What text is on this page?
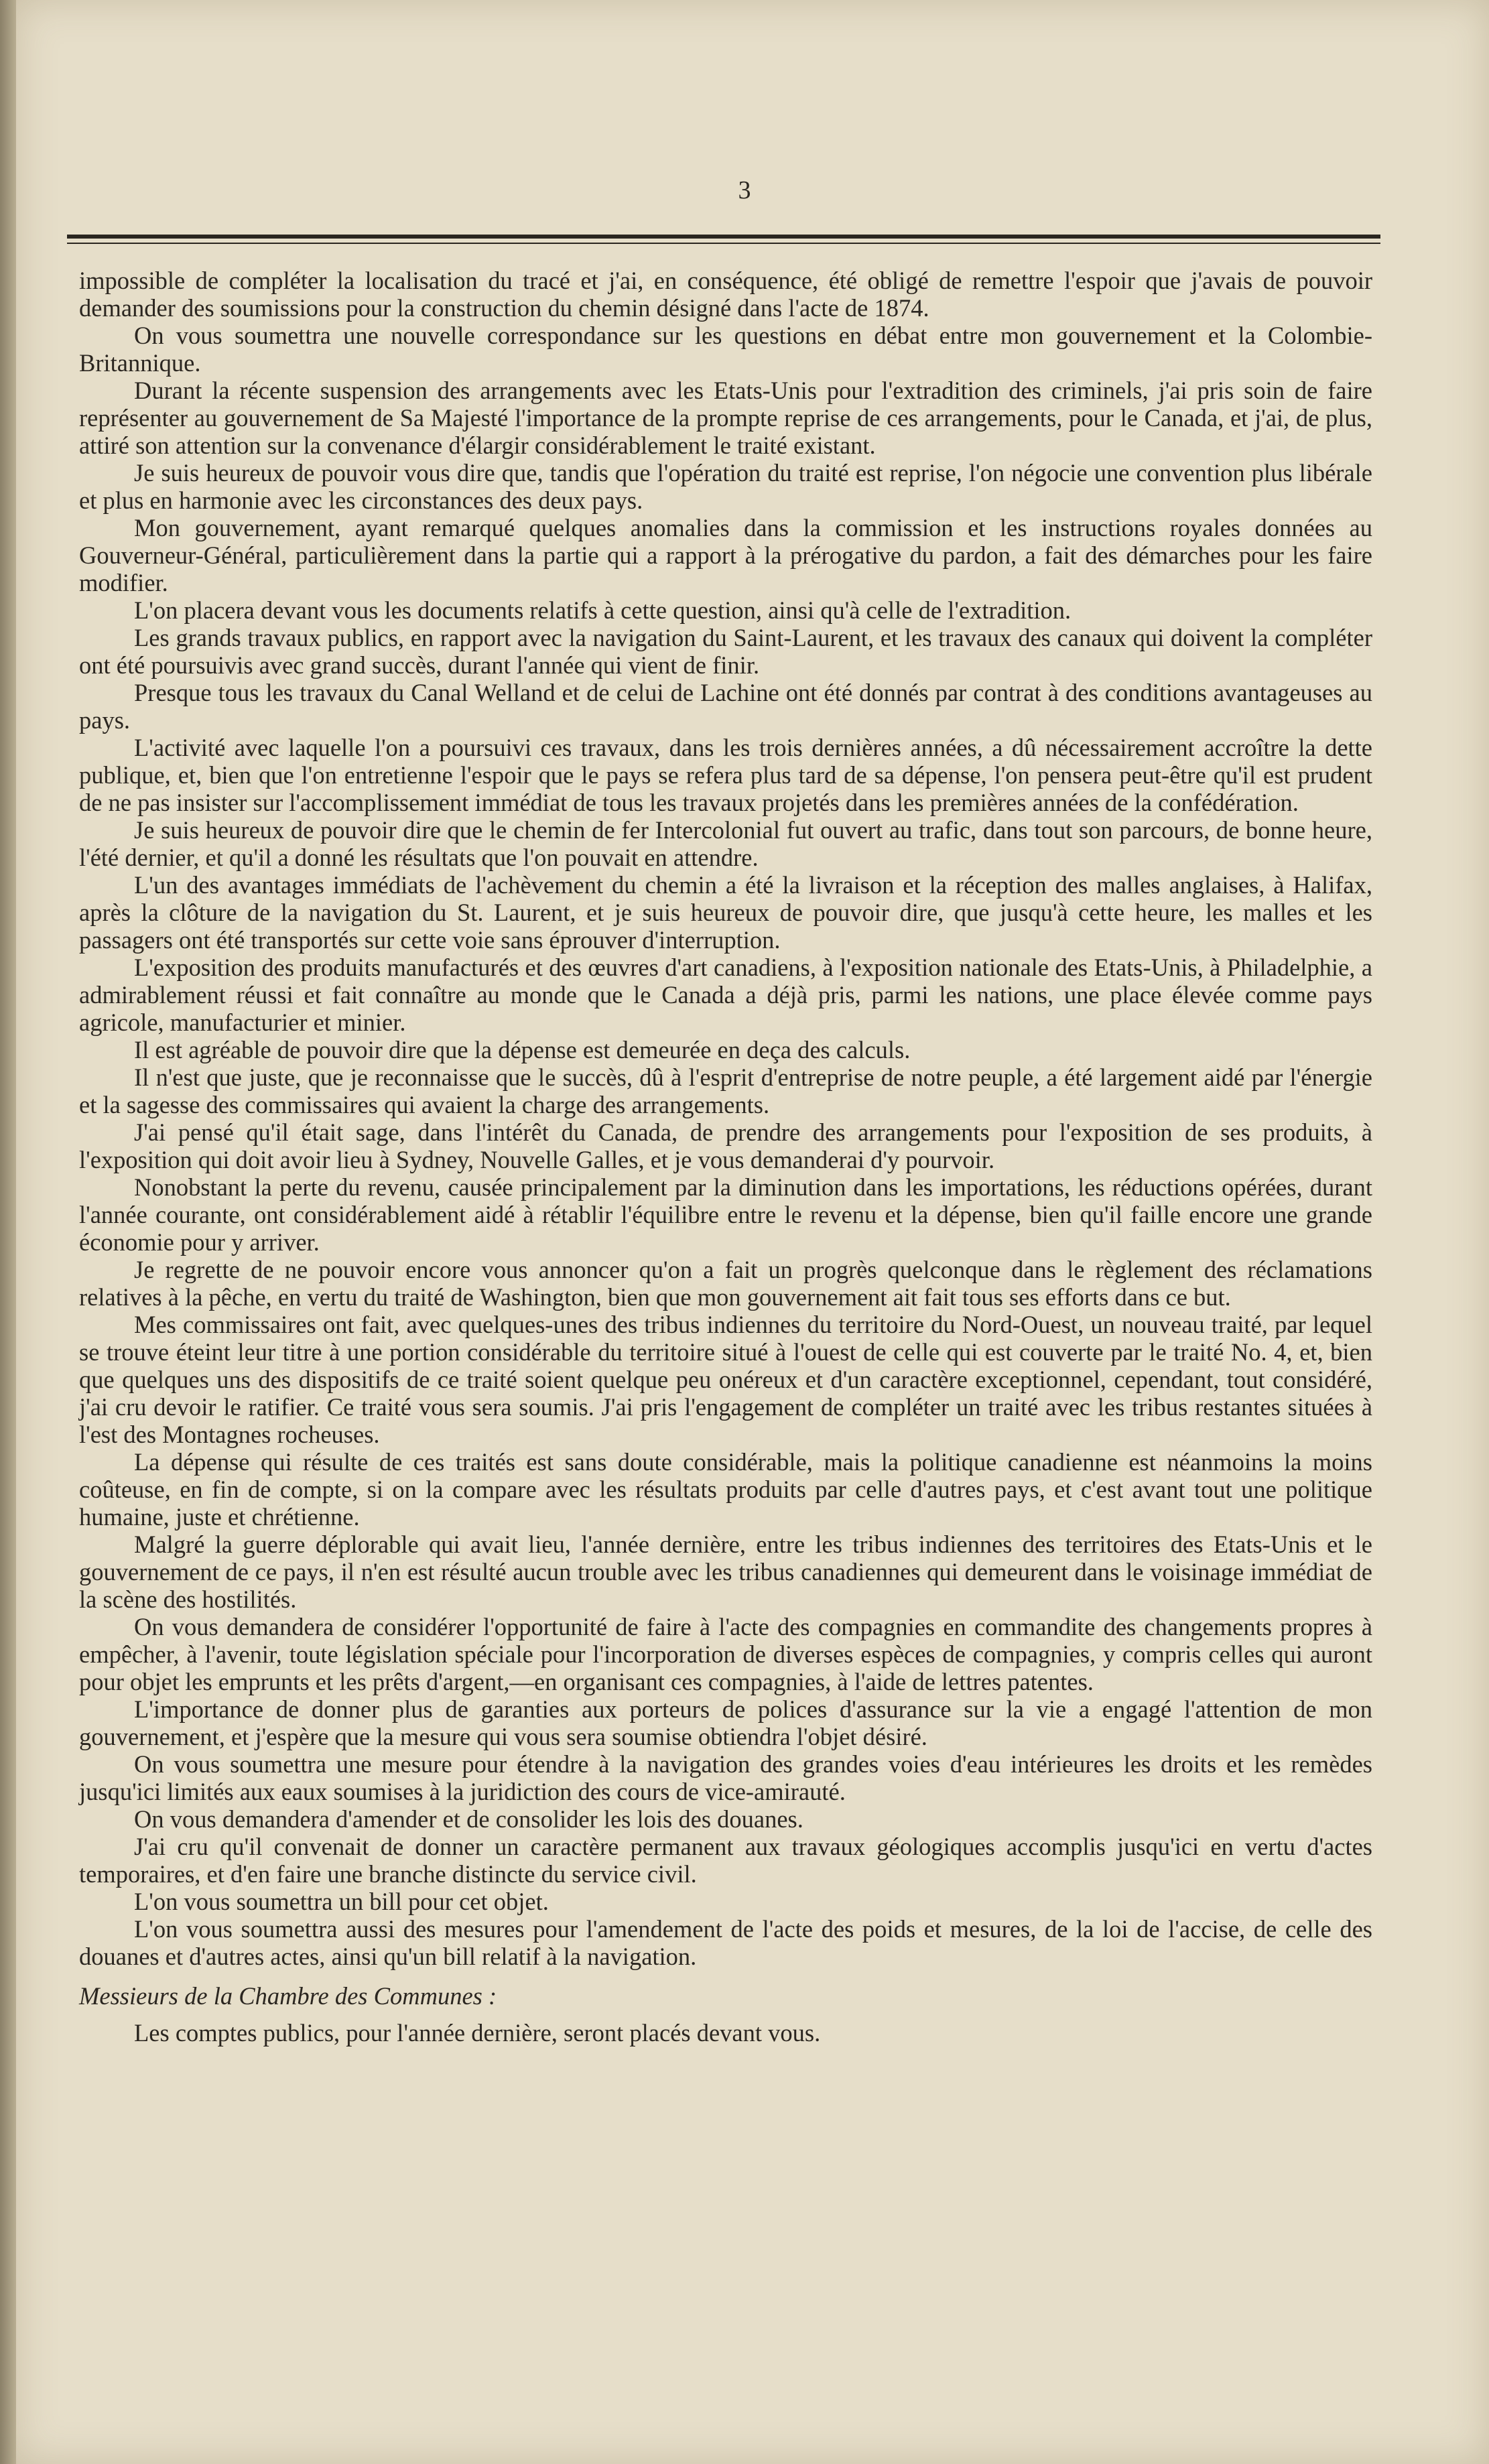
3

impossible de compléter la localisation du tracé et j'ai, en conséquence, été obligé de remettre l'espoir que j'avais de pouvoir demander des soumissions pour la construction du chemin désigné dans l'acte de 1874.

On vous soumettra une nouvelle correspondance sur les questions en débat entre mon gouvernement et la Colombie-Britannique.

Durant la récente suspension des arrangements avec les Etats-Unis pour l'extradition des criminels, j'ai pris soin de faire représenter au gouvernement de Sa Majesté l'importance de la prompte reprise de ces arrangements, pour le Canada, et j'ai, de plus, attiré son attention sur la convenance d'élargir considérablement le traité existant.

Je suis heureux de pouvoir vous dire que, tandis que l'opération du traité est reprise, l'on négocie une convention plus libérale et plus en harmonie avec les circonstances des deux pays.

Mon gouvernement, ayant remarqué quelques anomalies dans la commission et les instructions royales données au Gouverneur-Général, particulièrement dans la partie qui a rapport à la prérogative du pardon, a fait des démarches pour les faire modifier.

L'on placera devant vous les documents relatifs à cette question, ainsi qu'à celle de l'extradition.

Les grands travaux publics, en rapport avec la navigation du Saint-Laurent, et les travaux des canaux qui doivent la compléter ont été poursuivis avec grand succès, durant l'année qui vient de finir.

Presque tous les travaux du Canal Welland et de celui de Lachine ont été donnés par contrat à des conditions avantageuses au pays.

L'activité avec laquelle l'on a poursuivi ces travaux, dans les trois dernières années, a dû nécessairement accroître la dette publique, et, bien que l'on entretienne l'espoir que le pays se refera plus tard de sa dépense, l'on pensera peut-être qu'il est prudent de ne pas insister sur l'accomplissement immédiat de tous les travaux projetés dans les premières années de la confédération.

Je suis heureux de pouvoir dire que le chemin de fer Intercolonial fut ouvert au trafic, dans tout son parcours, de bonne heure, l'été dernier, et qu'il a donné les résultats que l'on pouvait en attendre.

L'un des avantages immédiats de l'achèvement du chemin a été la livraison et la réception des malles anglaises, à Halifax, après la clôture de la navigation du St. Laurent, et je suis heureux de pouvoir dire, que jusqu'à cette heure, les malles et les passagers ont été transportés sur cette voie sans éprouver d'interruption.

L'exposition des produits manufacturés et des œuvres d'art canadiens, à l'exposition nationale des Etats-Unis, à Philadelphie, a admirablement réussi et fait connaître au monde que le Canada a déjà pris, parmi les nations, une place élevée comme pays agricole, manufacturier et minier.

Il est agréable de pouvoir dire que la dépense est demeurée en deça des calculs.

Il n'est que juste, que je reconnaisse que le succès, dû à l'esprit d'entreprise de notre peuple, a été largement aidé par l'énergie et la sagesse des commissaires qui avaient la charge des arrangements.

J'ai pensé qu'il était sage, dans l'intérêt du Canada, de prendre des arrangements pour l'exposition de ses produits, à l'exposition qui doit avoir lieu à Sydney, Nouvelle Galles, et je vous demanderai d'y pourvoir.

Nonobstant la perte du revenu, causée principalement par la diminution dans les importations, les réductions opérées, durant l'année courante, ont considérablement aidé à rétablir l'équilibre entre le revenu et la dépense, bien qu'il faille encore une grande économie pour y arriver.

Je regrette de ne pouvoir encore vous annoncer qu'on a fait un progrès quelconque dans le règlement des réclamations relatives à la pêche, en vertu du traité de Washington, bien que mon gouvernement ait fait tous ses efforts dans ce but.

Mes commissaires ont fait, avec quelques-unes des tribus indiennes du territoire du Nord-Ouest, un nouveau traité, par lequel se trouve éteint leur titre à une portion considérable du territoire situé à l'ouest de celle qui est couverte par le traité No. 4, et, bien que quelques uns des dispositifs de ce traité soient quelque peu onéreux et d'un caractère exceptionnel, cependant, tout considéré, j'ai cru devoir le ratifier. Ce traité vous sera soumis. J'ai pris l'engagement de compléter un traité avec les tribus restantes situées à l'est des Montagnes rocheuses.

La dépense qui résulte de ces traités est sans doute considérable, mais la politique canadienne est néanmoins la moins coûteuse, en fin de compte, si on la compare avec les résultats produits par celle d'autres pays, et c'est avant tout une politique humaine, juste et chrétienne.

Malgré la guerre déplorable qui avait lieu, l'année dernière, entre les tribus indiennes des territoires des Etats-Unis et le gouvernement de ce pays, il n'en est résulté aucun trouble avec les tribus canadiennes qui demeurent dans le voisinage immédiat de la scène des hostilités.

On vous demandera de considérer l'opportunité de faire à l'acte des compagnies en commandite des changements propres à empêcher, à l'avenir, toute législation spéciale pour l'incorporation de diverses espèces de compagnies, y compris celles qui auront pour objet les emprunts et les prêts d'argent,—en organisant ces compagnies, à l'aide de lettres patentes.

L'importance de donner plus de garanties aux porteurs de polices d'assurance sur la vie a engagé l'attention de mon gouvernement, et j'espère que la mesure qui vous sera soumise obtiendra l'objet désiré.

On vous soumettra une mesure pour étendre à la navigation des grandes voies d'eau intérieures les droits et les remèdes jusqu'ici limités aux eaux soumises à la juridiction des cours de vice-amirauté.

On vous demandera d'amender et de consolider les lois des douanes.

J'ai cru qu'il convenait de donner un caractère permanent aux travaux géologiques accomplis jusqu'ici en vertu d'actes temporaires, et d'en faire une branche distincte du service civil.

L'on vous soumettra un bill pour cet objet.

L'on vous soumettra aussi des mesures pour l'amendement de l'acte des poids et mesures, de la loi de l'accise, de celle des douanes et d'autres actes, ainsi qu'un bill relatif à la navigation.

Messieurs de la Chambre des Communes :

Les comptes publics, pour l'année dernière, seront placés devant vous.
